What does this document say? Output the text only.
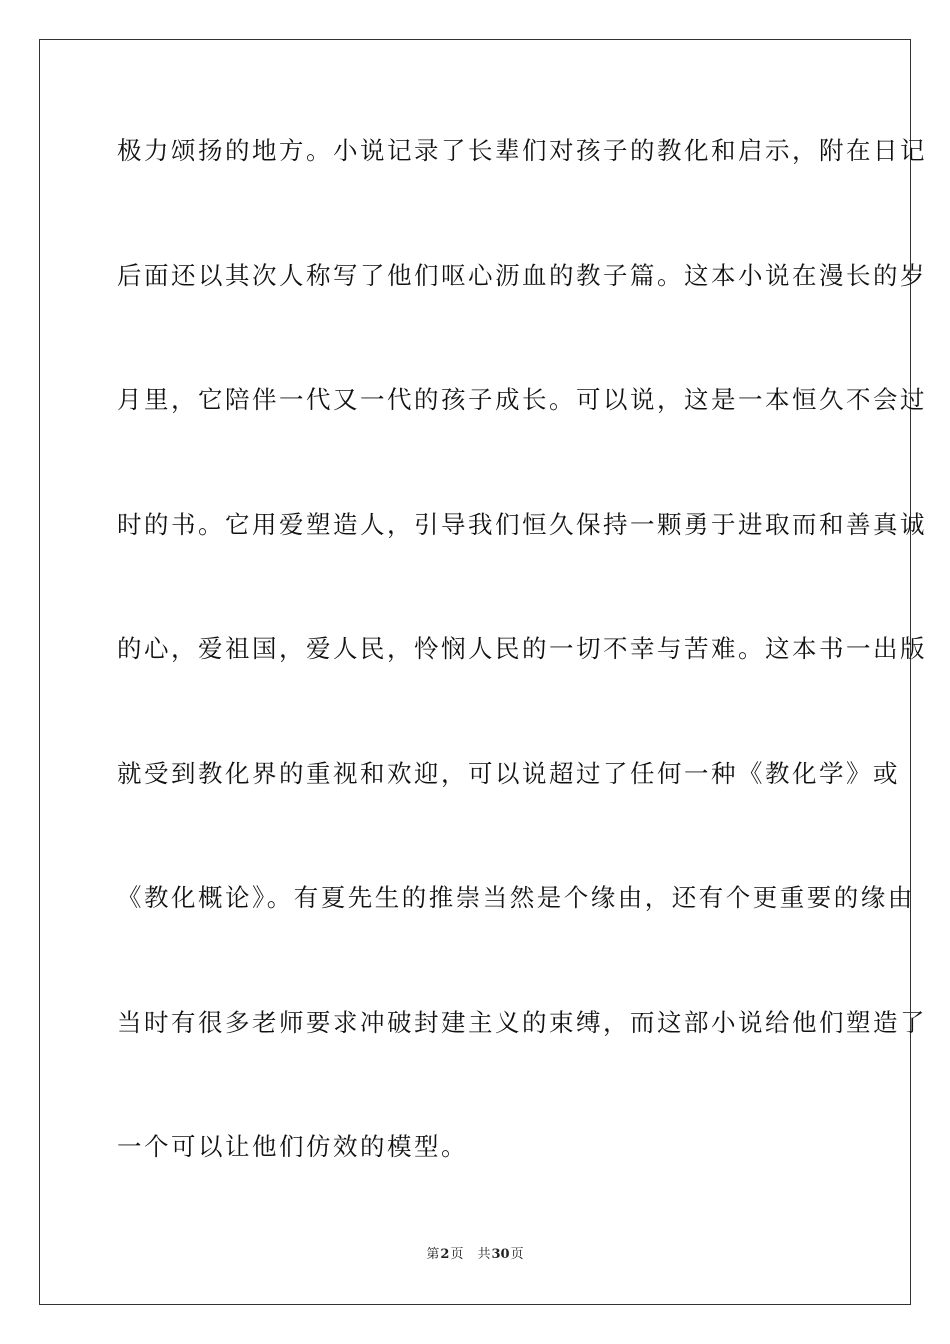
极力颂扬的地方。小说记录了长辈们对孩子的教化和启示，附在日记
后面还以其次人称写了他们呕心沥血的教子篇。这本小说在漫长的岁
月里，它陪伴一代又一代的孩子成长。可以说，这是一本恒久不会过
时的书。它用爱塑造人，引导我们恒久保持一颗勇于进取而和善真诚
的心，爱祖国，爱人民，怜悯人民的一切不幸与苦难。这本书一出版
就受到教化界的重视和欢迎，可以说超过了任何一种《教化学》或
《教化概论》。有夏先生的推崇当然是个缘由，还有个更重要的缘由
当时有很多老师要求冲破封建主义的束缚，而这部小说给他们塑造了
一个可以让他们仿效的模型。
第2页 共30页
